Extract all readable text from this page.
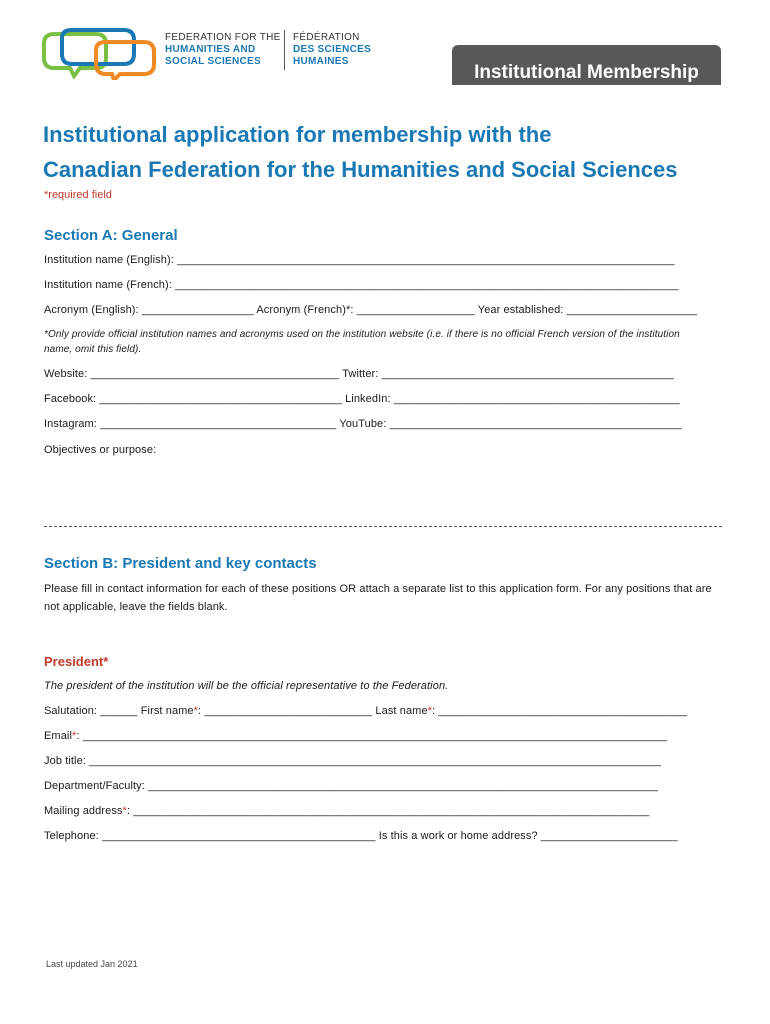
FEDERATION FOR THE
HUMANITIES AND
SOCIAL SCIENCES
FÉDÉRATION
DES SCIENCES
HUMAINES
Institutional Membership
Institutional application for membership with the
Canadian Federation for the Humanities and Social Sciences
*required field
Section A: General
Institution name (English): ________________________________________________________________________________
Institution name (French): _________________________________________________________________________________
Acronym (English): __________________ Acronym (French)*: ___________________ Year established: _____________________
*Only provide official institution names and acronyms used on the institution website (i.e. if there is no official French version of the institution name, omit this field).
Website: ________________________________________ Twitter: _______________________________________________
Facebook: _______________________________________ LinkedIn: ______________________________________________
Instagram: ______________________________________ YouTube: _______________________________________________
Objectives or purpose:
Section B: President and key contacts
Please fill in contact information for each of these positions OR attach a separate list to this application form. For any positions that are not applicable, leave the fields blank.
President*
The president of the institution will be the official representative to the Federation.
Salutation: ______ First name*: ___________________________ Last name*: ________________________________________
Email*: ______________________________________________________________________________________________
Job title: ____________________________________________________________________________________________
Department/Faculty: __________________________________________________________________________________
Mailing address*: ___________________________________________________________________________________
Telephone: ____________________________________________ Is this a work or home address? ______________________
Last updated Jan 2021
